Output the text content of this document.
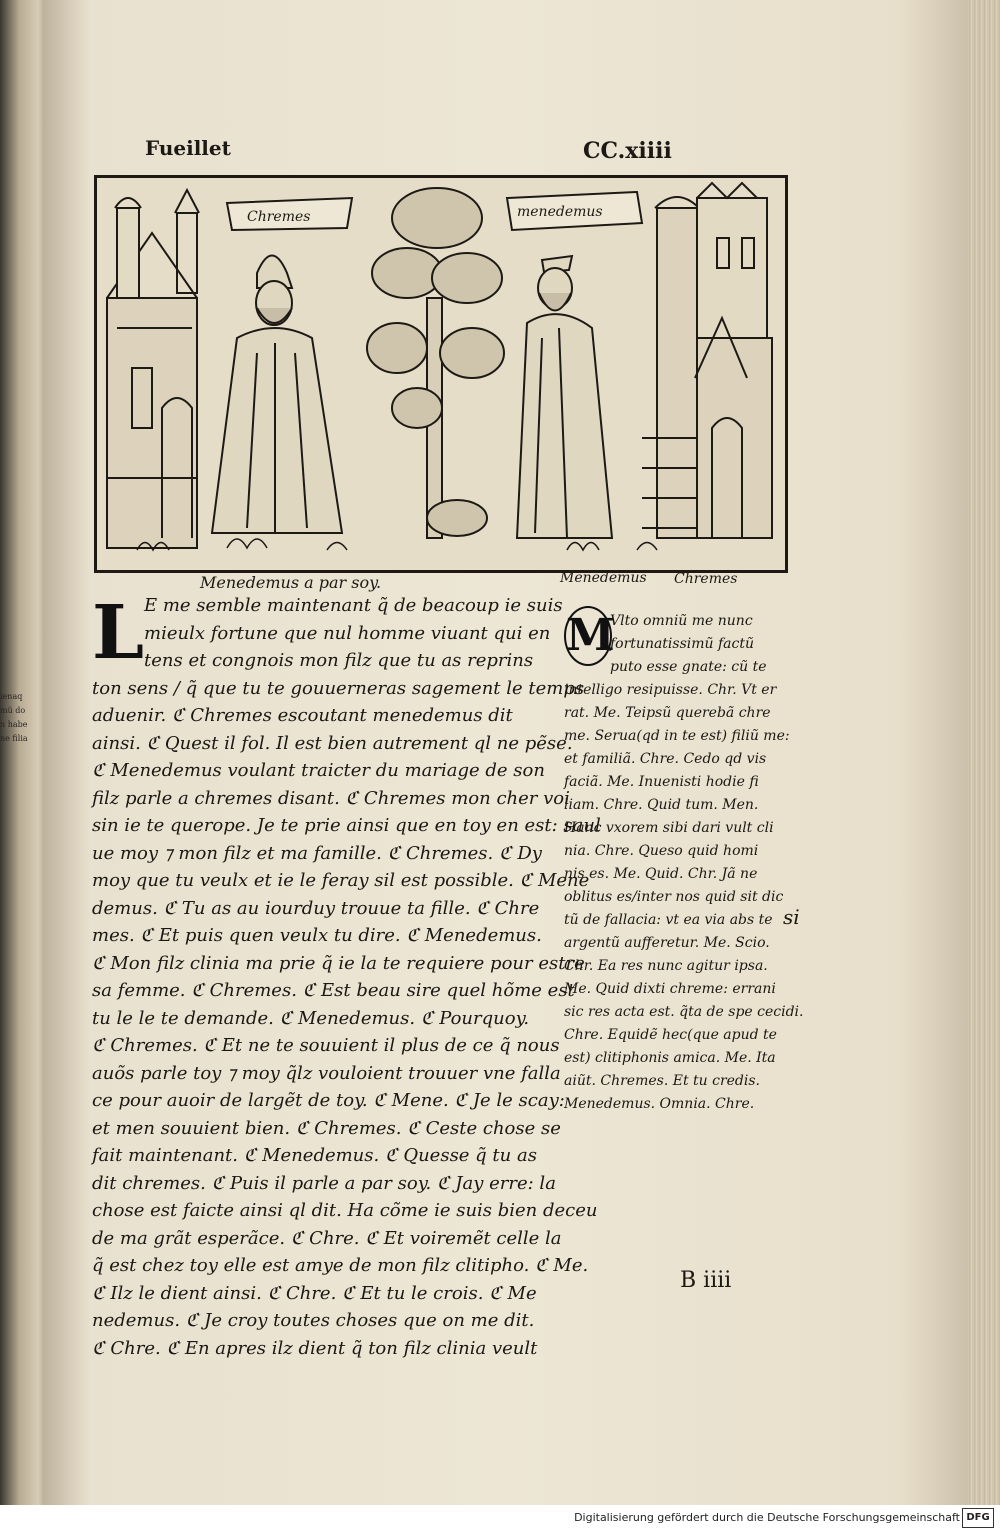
ienaq
mũ do
n habe
ne filia
Fueillet	CC.xiiii
Chremes	menedemus
Menedemus a par soy.	Menedemus Chremes
L E me semble maintenant q̃ de beacoup ie suis
mieulx fortune que nul homme viuant qui en
tens et congnois mon filz que tu as reprins
ton sens / q̃ que tu te gouuerneras sagement le temps
aduenir. ℭ Chremes escoutant menedemus dit
ainsi. ℭ Quest il fol. Il est bien autrement ql ne pẽse.
ℭ Menedemus voulant traicter du mariage de son
filz parle a chremes disant. ℭ Chremes mon cher voi
sin ie te querope. Je te prie ainsi que en toy en est: saul
ue moy ⁊ mon filz et ma famille. ℭ Chremes. ℭ Dy
moy que tu veulx et ie le feray sil est possible. ℭ Mene
demus. ℭ Tu as au iourduy trouue ta fille. ℭ Chre
mes. ℭ Et puis quen veulx tu dire. ℭ Menedemus.
ℭ Mon filz clinia ma prie q̃ ie la te requiere pour estre
sa femme. ℭ Chremes. ℭ Est beau sire quel hõme est
tu le le te demande. ℭ Menedemus. ℭ Pourquoy.
ℭ Chremes. ℭ Et ne te souuient il plus de ce q̃ nous
auõs parle toy ⁊ moy q̃lz vouloient trouuer vne falla
ce pour auoir de largẽt de toy. ℭ Mene. ℭ Je le scay:
et men souuient bien. ℭ Chremes. ℭ Ceste chose se
fait maintenant. ℭ Menedemus. ℭ Quesse q̃ tu as
dit chremes. ℭ Puis il parle a par soy. ℭ Jay erre: la
chose est faicte ainsi ql dit. Ha cõme ie suis bien deceu
de ma grãt esperãce. ℭ Chre. ℭ Et voiremẽt celle la
q̃ est chez toy elle est amye de mon filz clitipho. ℭ Me.
ℭ Ilz le dient ainsi. ℭ Chre. ℭ Et tu le crois. ℭ Me
nedemus. ℭ Je croy toutes choses que on me dit.
ℭ Chre. ℭ En apres ilz dient q̃ ton filz clinia veult
M
Vlto omniũ me nunc
fortunatissimũ factũ
puto esse gnate: cũ te
intelligo resipuisse. Chr. Vt er
rat. Me. Teipsũ querebã chre
me. Serua(qd in te est) filiũ me:
et familiã. Chre. Cedo qd vis
faciã. Me. Inuenisti hodie fi
liam. Chre. Quid tum. Men.
Hanc vxorem sibi dari vult cli
nia. Chre. Queso quid homi
nis es. Me. Quid. Chr. Jã ne
oblitus es/inter nos quid sit dic
tũ de fallacia: vt ea via abs te
argentũ aufferetur. Me. Scio.
Chr. Ea res nunc agitur ipsa.
Me. Quid dixti chreme: errani
sic res acta est. q̃ta de spe cecidi.
Chre. Equidẽ hec(que apud te
est) clitiphonis amica. Me. Ita
aiũt. Chremes. Et tu credis.
Menedemus. Omnia. Chre.
si
B iiii
Digitalisierung gefördert durch die Deutsche Forschungsgemeinschaft DFG
